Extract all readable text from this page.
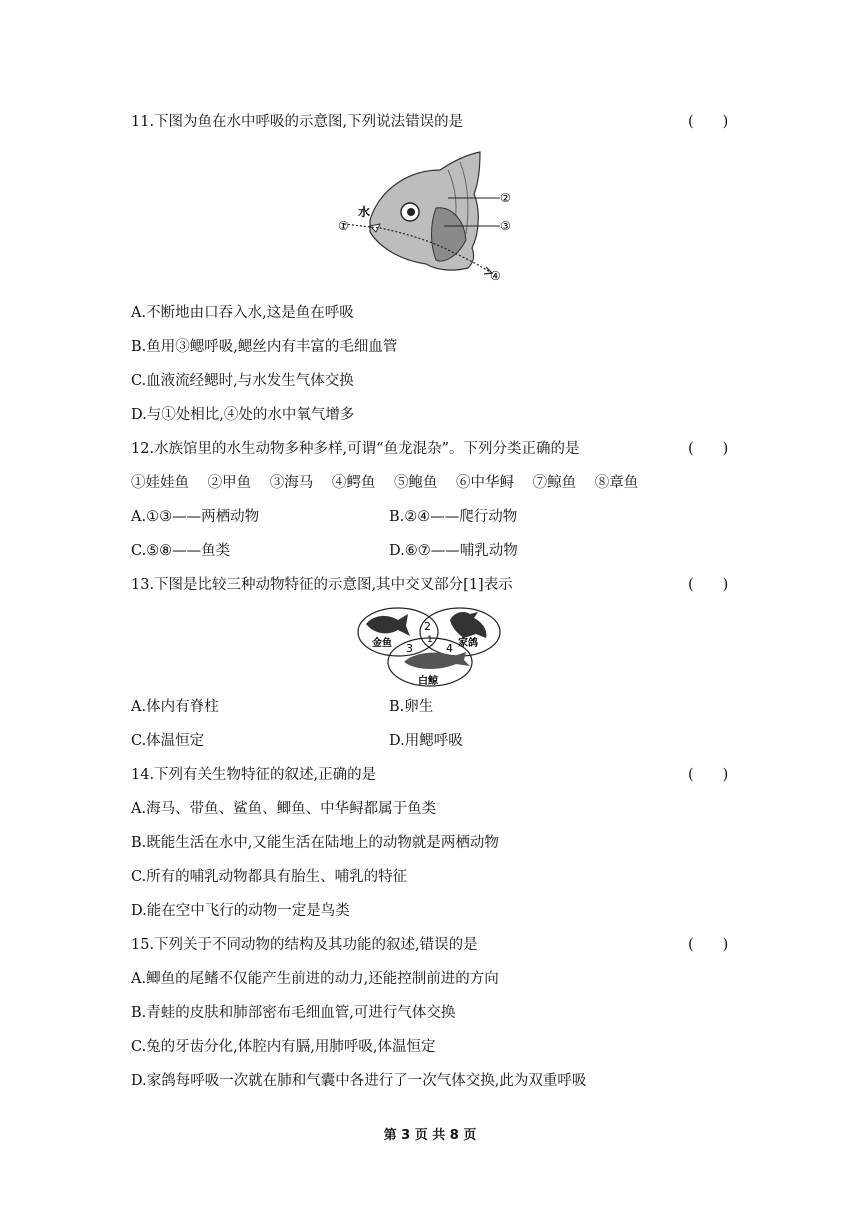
11.下图为鱼在水中呼吸的示意图,下列说法错误的是	(　　)
水
①
②
③
④
A.不断地由口吞入水,这是鱼在呼吸
B.鱼用③鳃呼吸,鳃丝内有丰富的毛细血管
C.血液流经鳃时,与水发生气体交换
D.与①处相比,④处的水中氧气增多
12.水族馆里的水生动物多种多样,可谓“鱼龙混杂”。下列分类正确的是	(　　)
①娃娃鱼 ②甲鱼 ③海马 ④鳄鱼 ⑤鲍鱼 ⑥中华鲟 ⑦鲸鱼 ⑧章鱼
A.①③——两栖动物	B.②④——爬行动物
C.⑤⑧——鱼类	D.⑥⑦——哺乳动物
13.下图是比较三种动物特征的示意图,其中交叉部分[1]表示	(　　)
金鱼	家鸽
白鲸
2
1
3	4
A.体内有脊柱	B.卵生
C.体温恒定	D.用鳃呼吸
14.下列有关生物特征的叙述,正确的是	(　　)
A.海马、带鱼、鲨鱼、鲫鱼、中华鲟都属于鱼类
B.既能生活在水中,又能生活在陆地上的动物就是两栖动物
C.所有的哺乳动物都具有胎生、哺乳的特征
D.能在空中飞行的动物一定是鸟类
15.下列关于不同动物的结构及其功能的叙述,错误的是	(　　)
A.鲫鱼的尾鳍不仅能产生前进的动力,还能控制前进的方向
B.青蛙的皮肤和肺部密布毛细血管,可进行气体交换
C.兔的牙齿分化,体腔内有膈,用肺呼吸,体温恒定
D.家鸽每呼吸一次就在肺和气囊中各进行了一次气体交换,此为双重呼吸
第 3 页 共 8 页
